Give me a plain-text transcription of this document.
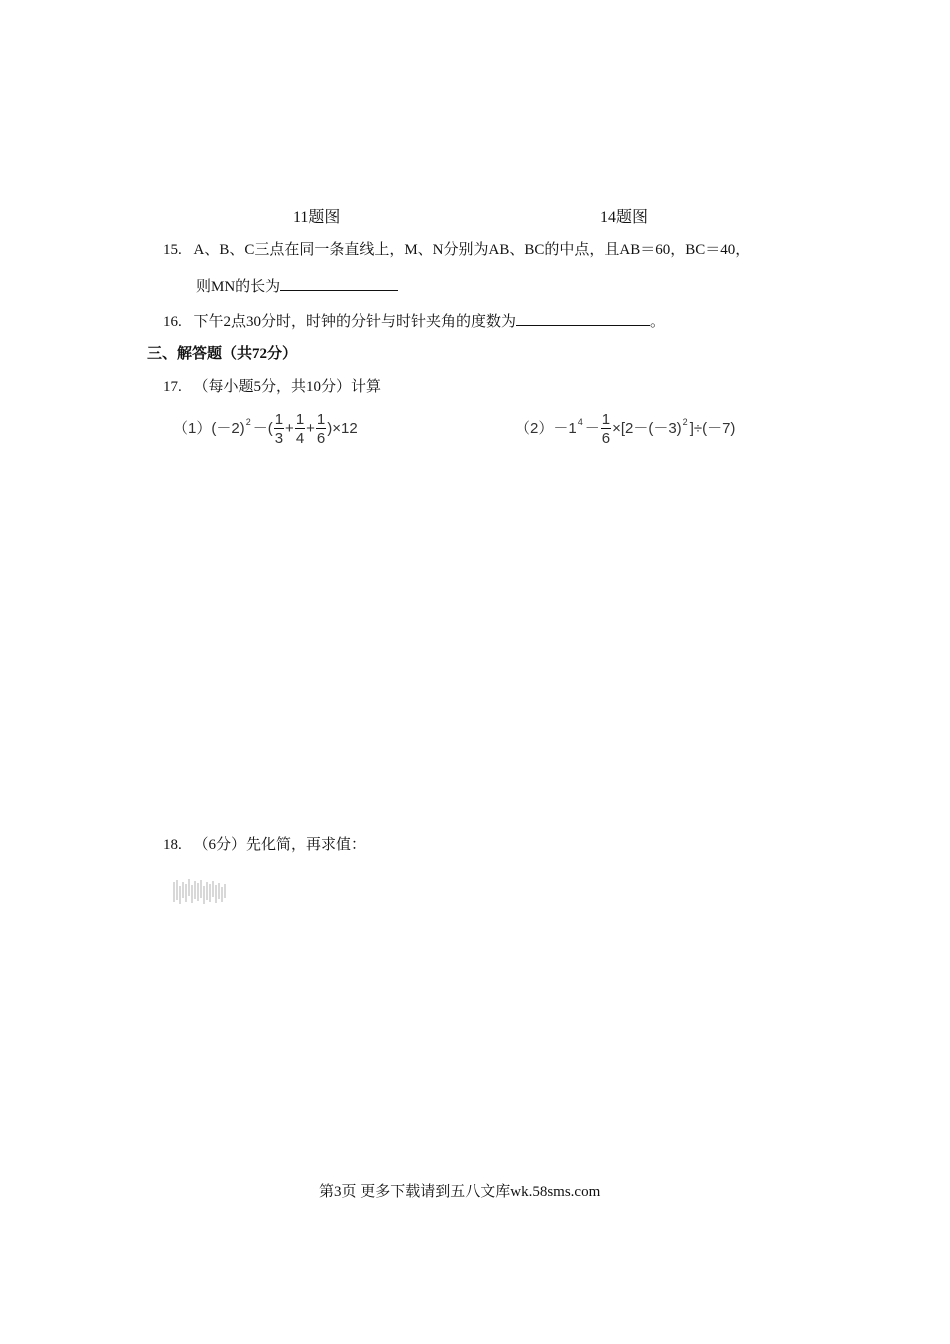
11题图	14题图
15. A、B、C三点在同一条直线上，M、N分别为AB、BC的中点，且AB＝60，BC＝40，
则MN的长为
16. 下午2点30分时，时钟的分针与时针夹角的度数为	。
三、解答题（共72分）
17. （每小题5分，共10分）计算
$(1)(-2)^2$ －( $\frac{1}{3} + \frac{1}{4} + \frac{1}{6} )\times 12$	$(2)-1^4 - \frac{1}{6} \times[2-(-3)^2$ ]÷(－7)
18. （6分）先化简，再求值：
第3页 更多下载请到五八文库wk.58sms.com
